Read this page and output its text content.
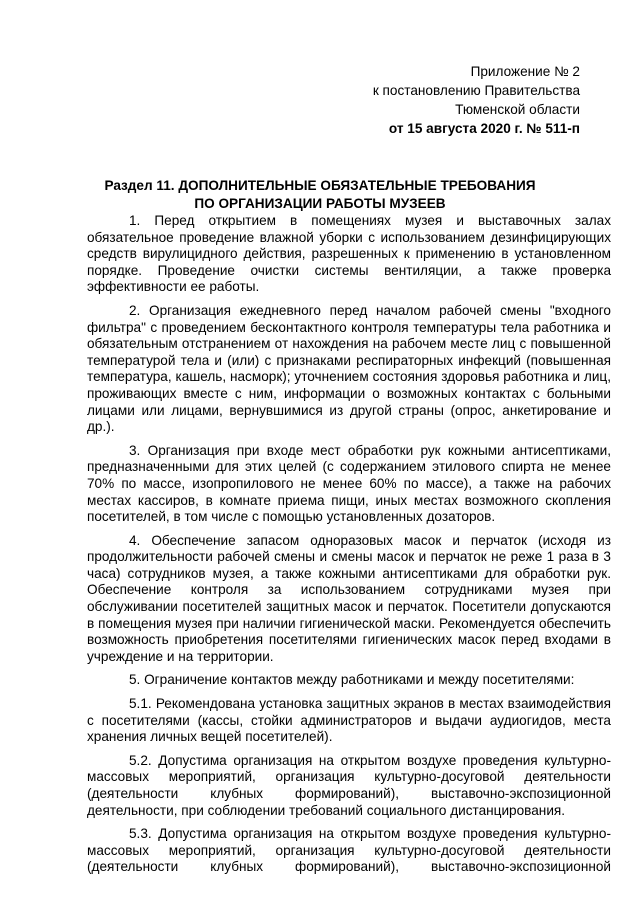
Приложение № 2
к постановлению Правительства
Тюменской области
от 15 августа 2020 г. № 511-п
Раздел 11. ДОПОЛНИТЕЛЬНЫЕ ОБЯЗАТЕЛЬНЫЕ ТРЕБОВАНИЯ
ПО ОРГАНИЗАЦИИ РАБОТЫ МУЗЕЕВ

1. Перед открытием в помещениях музея и выставочных залах обязательное проведение влажной уборки с использованием дезинфицирующих средств вирулицидного действия, разрешенных к применению в установленном порядке. Проведение очистки системы вентиляции, а также проверка эффективности ее работы.

2. Организация ежедневного перед началом рабочей смены "входного фильтра" с проведением бесконтактного контроля температуры тела работника и обязательным отстранением от нахождения на рабочем месте лиц с повышенной температурой тела и (или) с признаками респираторных инфекций (повышенная температура, кашель, насморк); уточнением состояния здоровья работника и лиц, проживающих вместе с ним, информации о возможных контактах с больными лицами или лицами, вернувшимися из другой страны (опрос, анкетирование и др.).

3. Организация при входе мест обработки рук кожными антисептиками, предназначенными для этих целей (с содержанием этилового спирта не менее 70% по массе, изопропилового не менее 60% по массе), а также на рабочих местах кассиров, в комнате приема пищи, иных местах возможного скопления посетителей, в том числе с помощью установленных дозаторов.

4. Обеспечение запасом одноразовых масок и перчаток (исходя из продолжительности рабочей смены и смены масок и перчаток не реже 1 раза в 3 часа) сотрудников музея, а также кожными антисептиками для обработки рук. Обеспечение контроля за использованием сотрудниками музея при обслуживании посетителей защитных масок и перчаток. Посетители допускаются в помещения музея при наличии гигиенической маски. Рекомендуется обеспечить возможность приобретения посетителями гигиенических масок перед входами в учреждение и на территории.

5. Ограничение контактов между работниками и между посетителями:

5.1. Рекомендована установка защитных экранов в местах взаимодействия с посетителями (кассы, стойки администраторов и выдачи аудиогидов, места хранения личных вещей посетителей).

5.2. Допустима организация на открытом воздухе проведения культурно-массовых мероприятий, организация культурно-досуговой деятельности (деятельности клубных формирований), выставочно-экспозиционной деятельности, при соблюдении требований социального дистанцирования.

5.3. Допустима организация на открытом воздухе проведения культурно-массовых мероприятий, организация культурно-досуговой деятельности (деятельности клубных формирований), выставочно-экспозиционной
